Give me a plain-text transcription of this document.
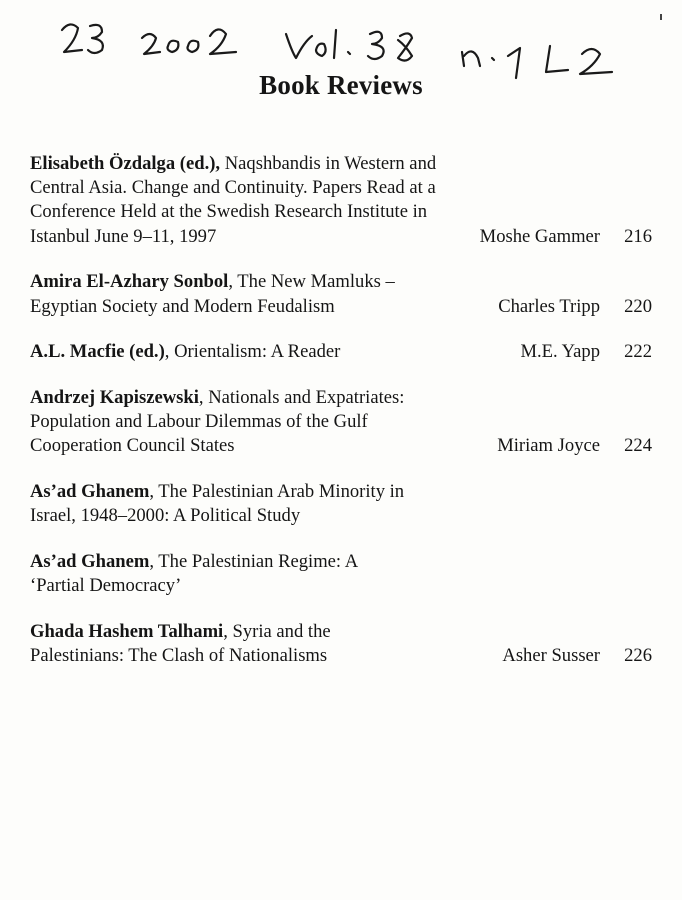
Book Reviews
Elisabeth Özdalga (ed.), Naqshbandis in Western and Central Asia. Change and Continuity. Papers Read at a Conference Held at the Swedish Research Institute in Istanbul June 9–11, 1997	Moshe Gammer	216
Amira El-Azhary Sonbol, The New Mamluks – Egyptian Society and Modern Feudalism	Charles Tripp	220
A.L. Macfie (ed.), Orientalism: A Reader	M.E. Yapp	222
Andrzej Kapiszewski, Nationals and Expatriates: Population and Labour Dilemmas of the Gulf Cooperation Council States	Miriam Joyce	224
As’ad Ghanem, The Palestinian Arab Minority in Israel, 1948–2000: A Political Study
As’ad Ghanem, The Palestinian Regime: A ‘Partial Democracy’
Ghada Hashem Talhami, Syria and the Palestinians: The Clash of Nationalisms	Asher Susser	226
